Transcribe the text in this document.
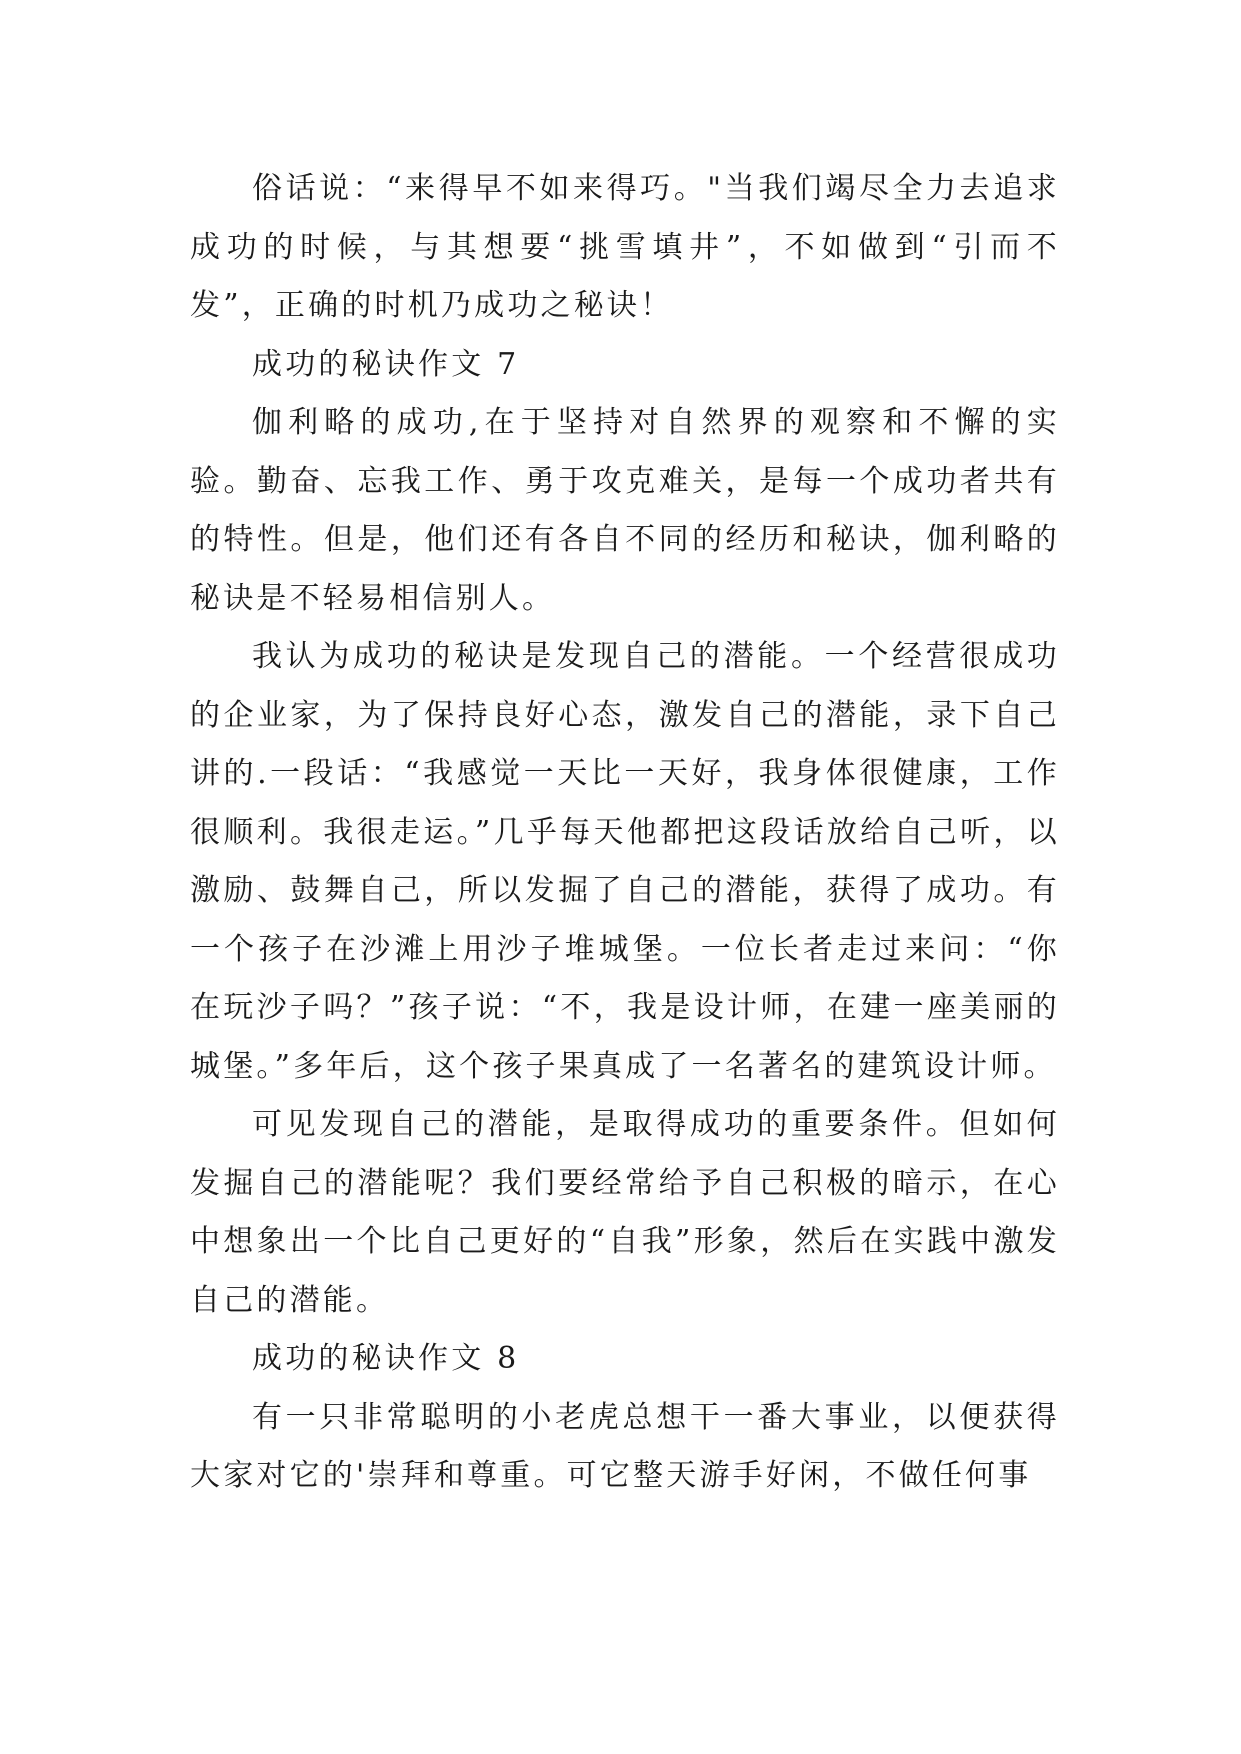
俗话说：“来得早不如来得巧。"当我们竭尽全力去追求成功的时候，与其想要“挑雪填井”，不如做到“引而不发”，正确的时机乃成功之秘诀！

成功的秘诀作文 7

伽利略的成功,在于坚持对自然界的观察和不懈的实验。勤奋、忘我工作、勇于攻克难关，是每一个成功者共有的特性。但是，他们还有各自不同的经历和秘诀，伽利略的秘诀是不轻易相信别人。

我认为成功的秘诀是发现自己的潜能。一个经营很成功的企业家，为了保持良好心态，激发自己的潜能，录下自己讲的.一段话：“我感觉一天比一天好，我身体很健康，工作很顺利。我很走运。”几乎每天他都把这段话放给自己听，以激励、鼓舞自己，所以发掘了自己的潜能，获得了成功。有一个孩子在沙滩上用沙子堆城堡。一位长者走过来问：“你在玩沙子吗？”孩子说：“不，我是设计师，在建一座美丽的城堡。”多年后，这个孩子果真成了一名著名的建筑设计师。

可见发现自己的潜能，是取得成功的重要条件。但如何发掘自己的潜能呢？我们要经常给予自己积极的暗示，在心中想象出一个比自己更好的“自我”形象，然后在实践中激发自己的潜能。

成功的秘诀作文 8

有一只非常聪明的小老虎总想干一番大事业，以便获得大家对它的'崇拜和尊重。可它整天游手好闲，不做任何事
